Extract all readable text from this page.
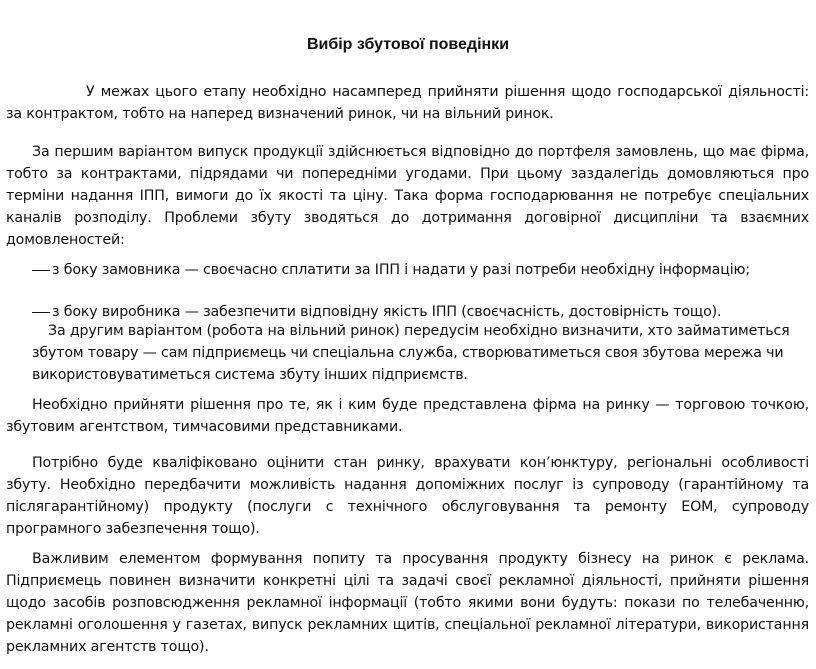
Вибір збутової поведінки

У межах цього етапу необхідно насамперед прийняти рішення щодо господарської діяльності: за контрактом, тобто на наперед визначений ринок, чи на вільний ринок.

За першим варіантом випуск продукції здійснюється відповідно до портфеля замовлень, що має фірма, тобто за контрактами, підрядами чи попередніми угодами. При цьому заздалегідь домовляються про терміни надання ІПП, вимоги до їх якості та ціну. Така форма господарювання не потребує спеціальних каналів розподілу. Проблеми збуту зводяться до дотримання договірної дисципліни та взаємних домовленостей:

з боку замовника — своєчасно сплатити за ІПП і надати у разі потреби необхідну інформацію;

з боку виробника — забезпечити відповідну якість ІПП (своєчасність, достовірність тощо).

За другим варіантом (робота на вільний ринок) передусім необхідно визначити, хто займатиметься збутом товару — сам підприємець чи спеціальна служба, створюватиметься своя збутова мережа чи використовуватиметься система збуту інших підприємств.

Необхідно прийняти рішення про те, як і ким буде представлена фірма на ринку — торговою точкою, збутовим агентством, тимчасовими представниками.

Потрібно буде кваліфіковано оцінити стан ринку, врахувати кон’юнктуру, регіональні особливості збуту. Необхідно передбачити можливість надання допоміжних послуг із супроводу (гарантійному та післягарантійному) продукту (послуги с технічного обслуговування та ремонту ЕОМ, супроводу програмного забезпечення тощо).

Важливим елементом формування попиту та просування продукту бізнесу на ринок є реклама. Підприємець повинен визначити конкретні цілі та задачі своєї рекламної діяльності, прийняти рішення щодо засобів розповсюдження рекламної інформації (тобто якими вони будуть: покази по телебаченню, рекламні оголошення у газетах, випуск рекламних щитів, спеціальної рекламної літератури, використання рекламних агентств тощо).
